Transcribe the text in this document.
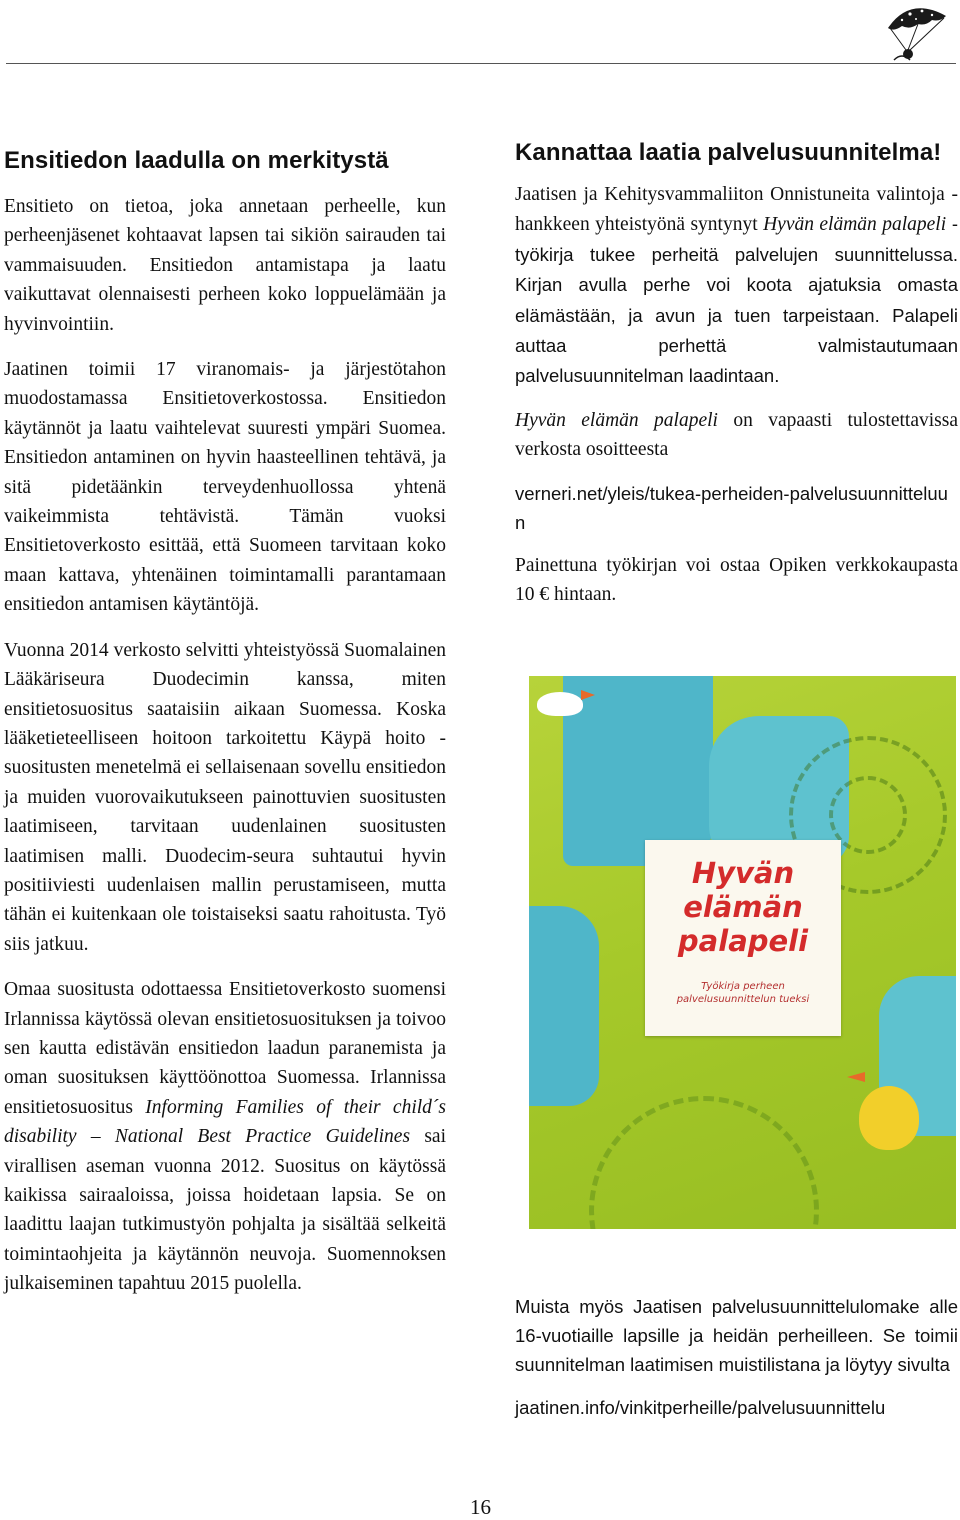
Ensitiedon laadulla on merkitystä

Ensitieto on tietoa, joka annetaan perheelle, kun perheenjäsenet kohtaavat lapsen tai sikiön sairauden tai vammaisuuden. Ensitiedon antamistapa ja laatu vaikuttavat olennaisesti perheen koko loppuelämään ja hyvinvointiin.

Jaatinen toimii 17 viranomais- ja järjestötahon muodostamassa Ensitietoverkostossa. Ensitiedon käytännöt ja laatu vaihtelevat suuresti ympäri Suomea. Ensitiedon antaminen on hyvin haasteellinen tehtävä, ja sitä pidetäänkin terveydenhuollossa yhtenä vaikeimmista tehtävistä. Tämän vuoksi Ensitietoverkosto esittää, että Suomeen tarvitaan koko maan kattava, yhtenäinen toimintamalli parantamaan ensitiedon antamisen käytäntöjä.

Vuonna 2014 verkosto selvitti yhteistyössä Suomalainen Lääkäriseura Duodecimin kanssa, miten ensitietosuositus saataisiin aikaan Suomessa. Koska lääketieteelliseen hoitoon tarkoitettu Käypä hoito -suositusten menetelmä ei sellaisenaan sovellu ensitiedon ja muiden vuorovaikutukseen painottuvien suositusten laatimiseen, tarvitaan uudenlainen suositusten laatimisen malli. Duodecim-seura suhtautui hyvin positiiviesti uudenlaisen mallin perustamiseen, mutta tähän ei kuitenkaan ole toistaiseksi saatu rahoitusta. Työ siis jatkuu.

Omaa suositusta odottaessa Ensitietoverkosto suomensi Irlannissa käytössä olevan ensitietosuosituksen ja toivoo sen kautta edistävän ensitiedon laadun paranemista ja oman suosituksen käyttöönottoa Suomessa. Irlannissa ensitietosuositus Informing Families of their child´s disability – National Best Practice Guidelines sai virallisen aseman vuonna 2012. Suositus on käytössä kaikissa sairaaloissa, joissa hoidetaan lapsia. Se on laadittu laajan tutkimustyön pohjalta ja sisältää selkeitä toimintaohjeita ja käytännön neuvoja. Suomennoksen julkaiseminen tapahtuu 2015 puolella.

Kannattaa laatia palvelusuunnitelma!

Jaatisen ja Kehitysvammaliiton Onnistuneita valintoja -hankkeen yhteistyönä syntynyt Hyvän elämän palapeli -työkirja tukee perheitä palvelujen suunnittelussa. Kirjan avulla perhe voi koota ajatuksia omasta elämästään, ja avun ja tuen tarpeistaan. Palapeli auttaa perhettä valmistautumaan palvelusuunnitelman laadintaan.

Hyvän elämän palapeli on vapaasti tulostettavissa verkosta osoitteesta

verneri.net/yleis/tukea-perheiden-palvelusuunnitteluun

Painettuna työkirjan voi ostaa Opiken verkkokaupasta 10 € hintaan.

Hyvän
elämän
palapeli
Työkirja perheen
palvelusuunnittelun tueksi

Muista myös Jaatisen palvelusuunnittelulomake alle 16-vuotiaille lapsille ja heidän perheilleen. Se toimii suunnitelman laatimisen muistilistana ja löytyy sivulta

jaatinen.info/vinkitperheille/palvelusuunnittelu

16
